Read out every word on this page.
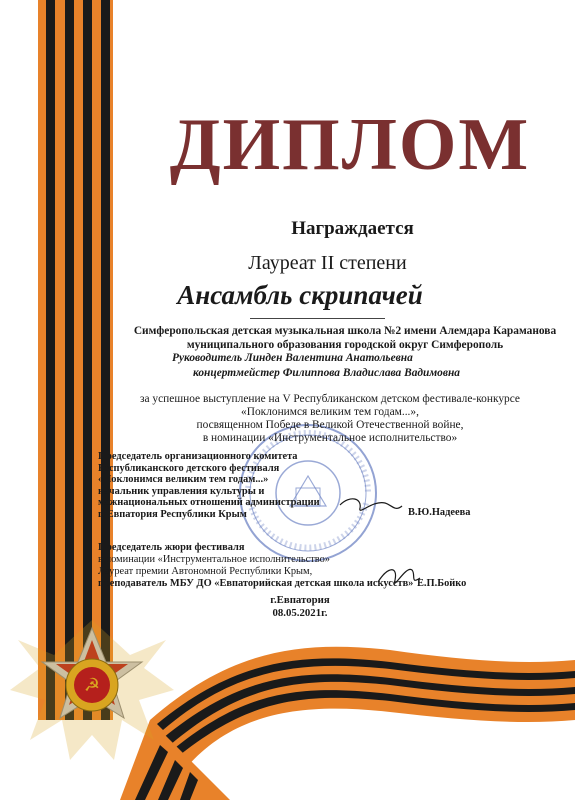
☭
ДИПЛОМ
Награждается
Лауреат II степени
Ансамбль скрипачей
Симферопольская детская музыкальная школа №2 имени Алемдара Караманова
муниципального образования городской округ Симферополь
Руководитель Линден Валентина Анатольевна
концертмейстер Филиппова Владислава Вадимовна
за успешное выступление на V Республиканском детском фестивале-конкурсе
«Поклонимся великим тем годам...»,
посвященном Победе в Великой Отечественной войне,
в номинации «Инструментальное исполнительство»
Председатель организационного комитета
Республиканского детского фестиваля
«Поклонимся великим тем годам...»
начальник управления культуры и
межнациональных отношений администрации
г. Евпатория Республики Крым	В.Ю.Надеева
Председатель жюри фестиваля
в номинации «Инструментальное исполнительство»
Лауреат премии Автономной Республики Крым,
преподаватель МБУ ДО «Евпаторийская детская школа искусств» Е.П.Бойко
г.Евпатория
08.05.2021г.
